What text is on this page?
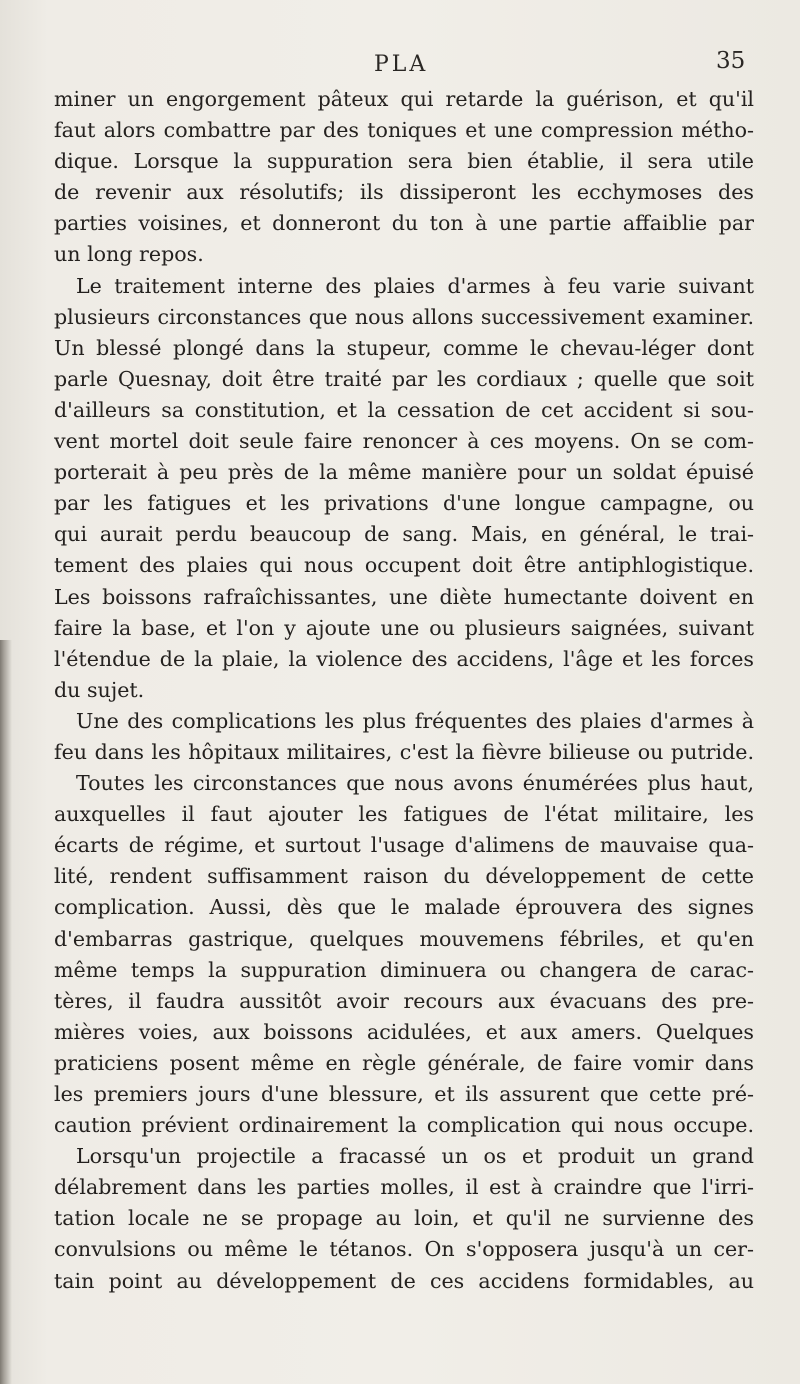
PLA	35
miner un engorgement pâteux qui retarde la guérison, et qu'il
faut alors combattre par des toniques et une compression métho-
dique. Lorsque la suppuration sera bien établie, il sera utile
de revenir aux résolutifs; ils dissiperont les ecchymoses des
parties voisines, et donneront du ton à une partie affaiblie par
un long repos.
Le traitement interne des plaies d'armes à feu varie suivant
plusieurs circonstances que nous allons successivement examiner.
Un blessé plongé dans la stupeur, comme le chevau-léger dont
parle Quesnay, doit être traité par les cordiaux ; quelle que soit
d'ailleurs sa constitution, et la cessation de cet accident si sou-
vent mortel doit seule faire renoncer à ces moyens. On se com-
porterait à peu près de la même manière pour un soldat épuisé
par les fatigues et les privations d'une longue campagne, ou
qui aurait perdu beaucoup de sang. Mais, en général, le trai-
tement des plaies qui nous occupent doit être antiphlogistique.
Les boissons rafraîchissantes, une diète humectante doivent en
faire la base, et l'on y ajoute une ou plusieurs saignées, suivant
l'étendue de la plaie, la violence des accidens, l'âge et les forces
du sujet.
Une des complications les plus fréquentes des plaies d'armes à
feu dans les hôpitaux militaires, c'est la fièvre bilieuse ou putride.
Toutes les circonstances que nous avons énumérées plus haut,
auxquelles il faut ajouter les fatigues de l'état militaire, les
écarts de régime, et surtout l'usage d'alimens de mauvaise qua-
lité, rendent suffisamment raison du développement de cette
complication. Aussi, dès que le malade éprouvera des signes
d'embarras gastrique, quelques mouvemens fébriles, et qu'en
même temps la suppuration diminuera ou changera de carac-
tères, il faudra aussitôt avoir recours aux évacuans des pre-
mières voies, aux boissons acidulées, et aux amers. Quelques
praticiens posent même en règle générale, de faire vomir dans
les premiers jours d'une blessure, et ils assurent que cette pré-
caution prévient ordinairement la complication qui nous occupe.
Lorsqu'un projectile a fracassé un os et produit un grand
délabrement dans les parties molles, il est à craindre que l'irri-
tation locale ne se propage au loin, et qu'il ne survienne des
convulsions ou même le tétanos. On s'opposera jusqu'à un cer-
tain point au développement de ces accidens formidables, au
